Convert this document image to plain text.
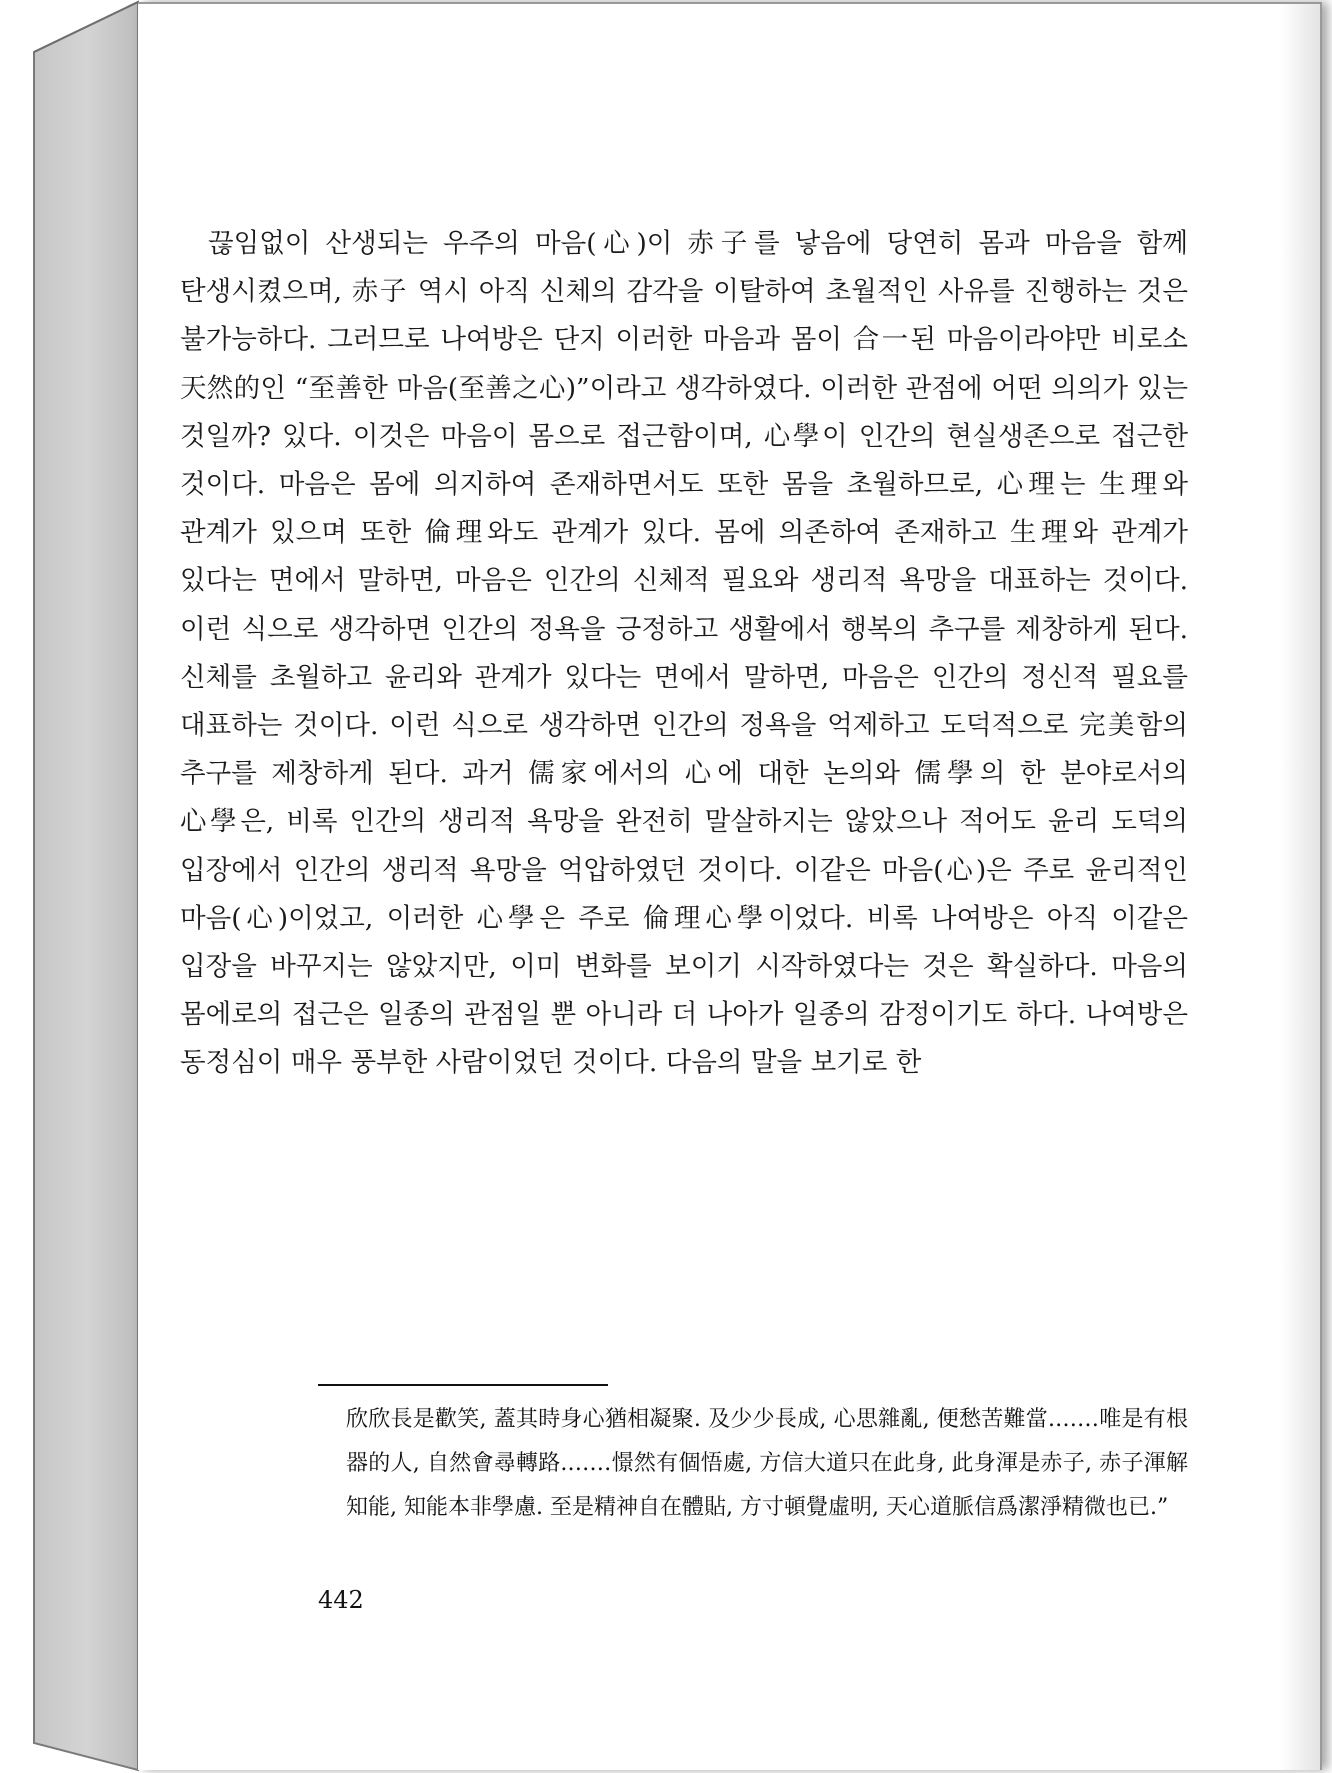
끊임없이 산생되는 우주의 마음(心)이 赤子를 낳음에 당연히 몸과 마음을 함께 탄생시켰으며, 赤子 역시 아직 신체의 감각을 이탈하여 초월적인 사유를 진행하는 것은 불가능하다. 그러므로 나여방은 단지 이러한 마음과 몸이 合一된 마음이라야만 비로소 天然的인 “至善한 마음(至善之心)”이라고 생각하였다. 이러한 관점에 어떤 의의가 있는 것일까? 있다. 이것은 마음이 몸으로 접근함이며, 心學이 인간의 현실생존으로 접근한 것이다. 마음은 몸에 의지하여 존재하면서도 또한 몸을 초월하므로, 心理는 生理와 관계가 있으며 또한 倫理와도 관계가 있다. 몸에 의존하여 존재하고 生理와 관계가 있다는 면에서 말하면, 마음은 인간의 신체적 필요와 생리적 욕망을 대표하는 것이다. 이런 식으로 생각하면 인간의 정욕을 긍정하고 생활에서 행복의 추구를 제창하게 된다. 신체를 초월하고 윤리와 관계가 있다는 면에서 말하면, 마음은 인간의 정신적 필요를 대표하는 것이다. 이런 식으로 생각하면 인간의 정욕을 억제하고 도덕적으로 完美함의 추구를 제창하게 된다. 과거 儒家에서의 心에 대한 논의와 儒學의 한 분야로서의 心學은, 비록 인간의 생리적 욕망을 완전히 말살하지는 않았으나 적어도 윤리 도덕의 입장에서 인간의 생리적 욕망을 억압하였던 것이다. 이같은 마음(心)은 주로 윤리적인 마음(心)이었고, 이러한 心學은 주로 倫理心學이었다. 비록 나여방은 아직 이같은 입장을 바꾸지는 않았지만, 이미 변화를 보이기 시작하였다는 것은 확실하다. 마음의 몸에로의 접근은 일종의 관점일 뿐 아니라 더 나아가 일종의 감정이기도 하다. 나여방은 동정심이 매우 풍부한 사람이었던 것이다. 다음의 말을 보기로 한

欣欣長是歡笑, 蓋其時身心猶相凝聚. 及少少長成, 心思雜亂, 便愁苦難當.……唯是有根器的人, 自然會尋轉路.……憬然有個悟處, 方信大道只在此身, 此身渾是赤子, 赤子渾解知能, 知能本非學慮. 至是精神自在體貼, 方寸頓覺虛明, 天心道脈信爲潔淨精微也已.”

442
